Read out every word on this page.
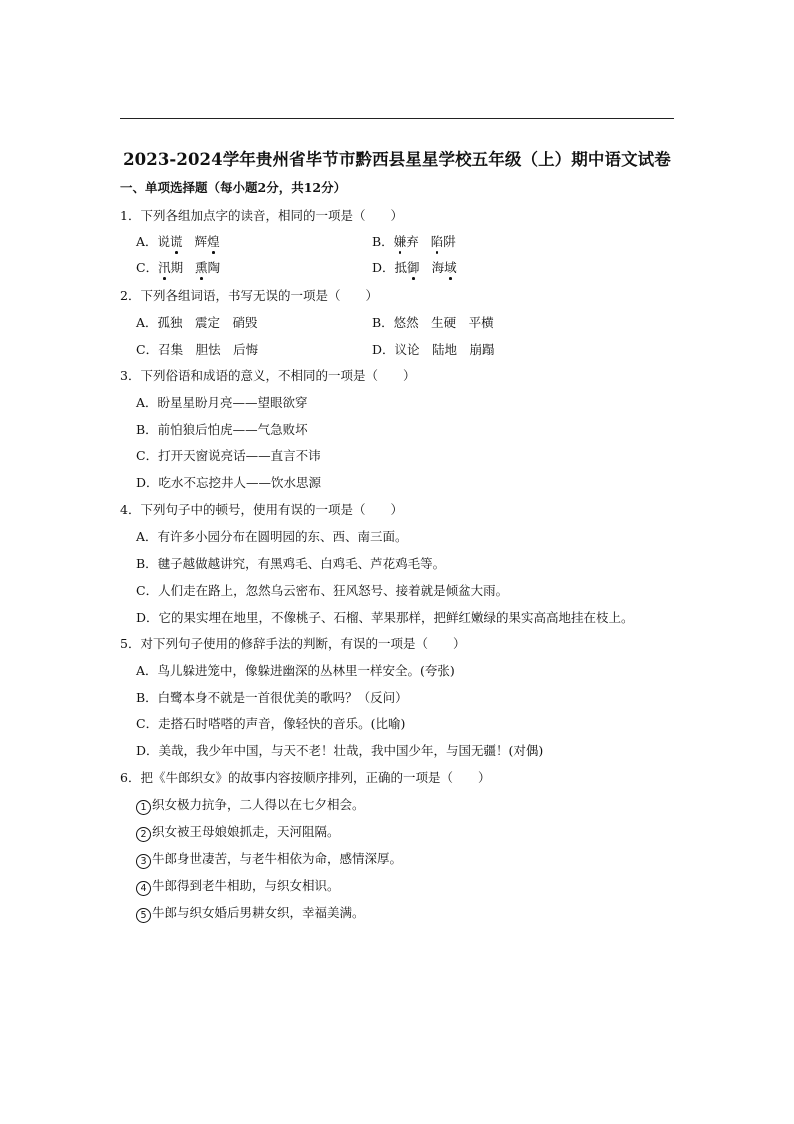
2023-2024学年贵州省毕节市黔西县星星学校五年级（上）期中语文试卷
一、单项选择题（每小题2分，共12分）
1．下列各组加点字的读音，相同的一项是（　　）
A．说谎 辉煌	B．嫌弃 陷阱
C．汛期 熏陶	D．抵御 海域
2．下列各组词语，书写无误的一项是（　　）
A．孤独　震定　硝毁	B．悠然　生硬　平横
C．召集　胆怯　后悔	D．议论　陆地　崩蹋
3．下列俗语和成语的意义，不相同的一项是（　　）
A．盼星星盼月亮——望眼欲穿
B．前怕狼后怕虎——气急败坏
C．打开天窗说亮话——直言不讳
D．吃水不忘挖井人——饮水思源
4．下列句子中的顿号，使用有误的一项是（　　）
A．有许多小园分布在圆明园的东、西、南三面。
B．毽子越做越讲究，有黑鸡毛、白鸡毛、芦花鸡毛等。
C．人们走在路上，忽然乌云密布、狂风怒号、接着就是倾盆大雨。
D．它的果实埋在地里，不像桃子、石榴、苹果那样，把鲜红嫩绿的果实高高地挂在枝上。
5．对下列句子使用的修辞手法的判断，有误的一项是（　　）
A．鸟儿躲进笼中，像躲进幽深的丛林里一样安全。(夸张)
B．白鹭本身不就是一首很优美的歌吗？（反问）
C．走搭石时嗒嗒的声音，像轻快的音乐。(比喻)
D．美哉，我少年中国，与天不老！壮哉，我中国少年，与国无疆！(对偶)
6．把《牛郎织女》的故事内容按顺序排列，正确的一项是（　　）
1 织女极力抗争，二人得以在七夕相会。
2 织女被王母娘娘抓走，天河阻隔。
3 牛郎身世凄苦，与老牛相依为命，感情深厚。
4 牛郎得到老牛相助，与织女相识。
5 牛郎与织女婚后男耕女织，幸福美满。
